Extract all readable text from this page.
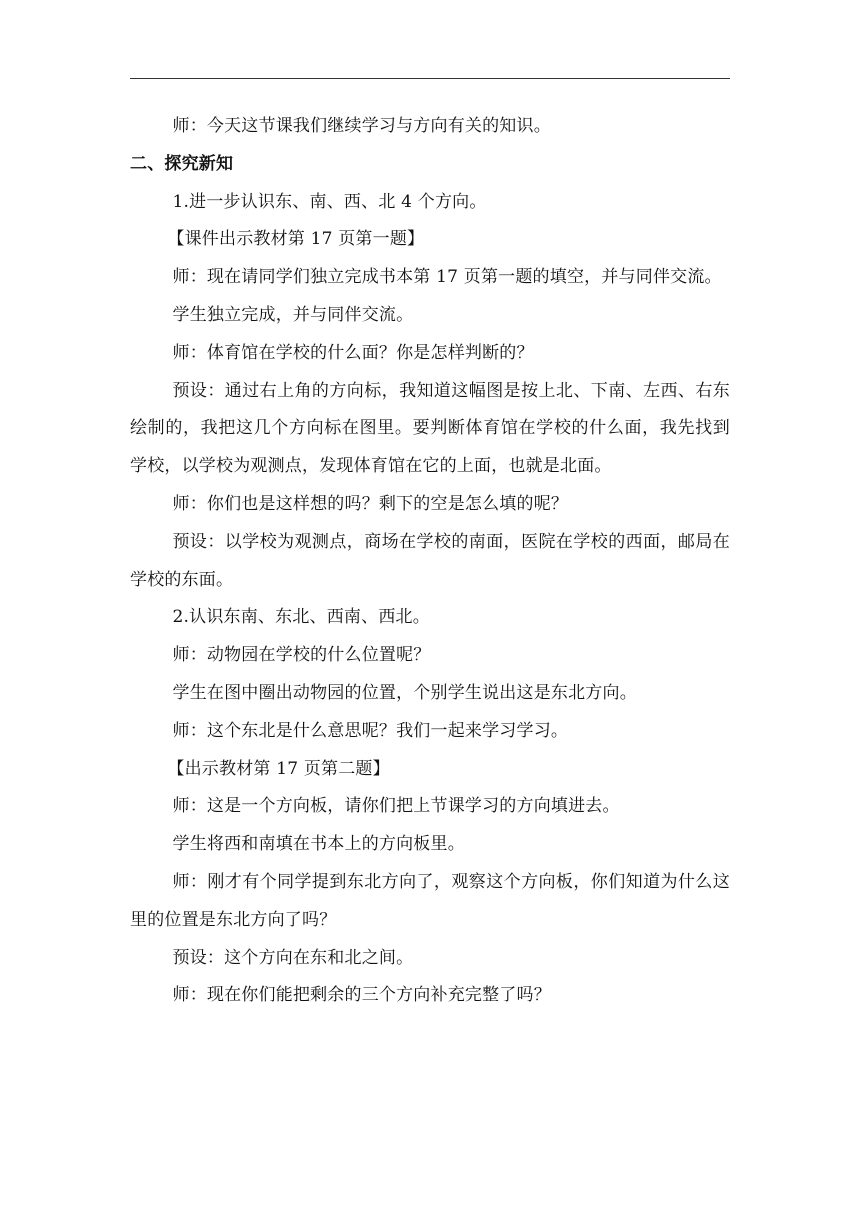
师：今天这节课我们继续学习与方向有关的知识。

二、探究新知

1.进一步认识东、南、西、北 4 个方向。

【课件出示教材第 17 页第一题】

师：现在请同学们独立完成书本第 17 页第一题的填空，并与同伴交流。

学生独立完成，并与同伴交流。

师：体育馆在学校的什么面？你是怎样判断的？

预设：通过右上角的方向标，我知道这幅图是按上北、下南、左西、右东绘制的，我把这几个方向标在图里。要判断体育馆在学校的什么面，我先找到学校，以学校为观测点，发现体育馆在它的上面，也就是北面。

师：你们也是这样想的吗？剩下的空是怎么填的呢？

预设：以学校为观测点，商场在学校的南面，医院在学校的西面，邮局在学校的东面。

2.认识东南、东北、西南、西北。

师：动物园在学校的什么位置呢？

学生在图中圈出动物园的位置，个别学生说出这是东北方向。

师：这个东北是什么意思呢？我们一起来学习学习。

【出示教材第 17 页第二题】

师：这是一个方向板，请你们把上节课学习的方向填进去。

学生将西和南填在书本上的方向板里。

师：刚才有个同学提到东北方向了，观察这个方向板，你们知道为什么这里的位置是东北方向了吗？

预设：这个方向在东和北之间。

师：现在你们能把剩余的三个方向补充完整了吗？
